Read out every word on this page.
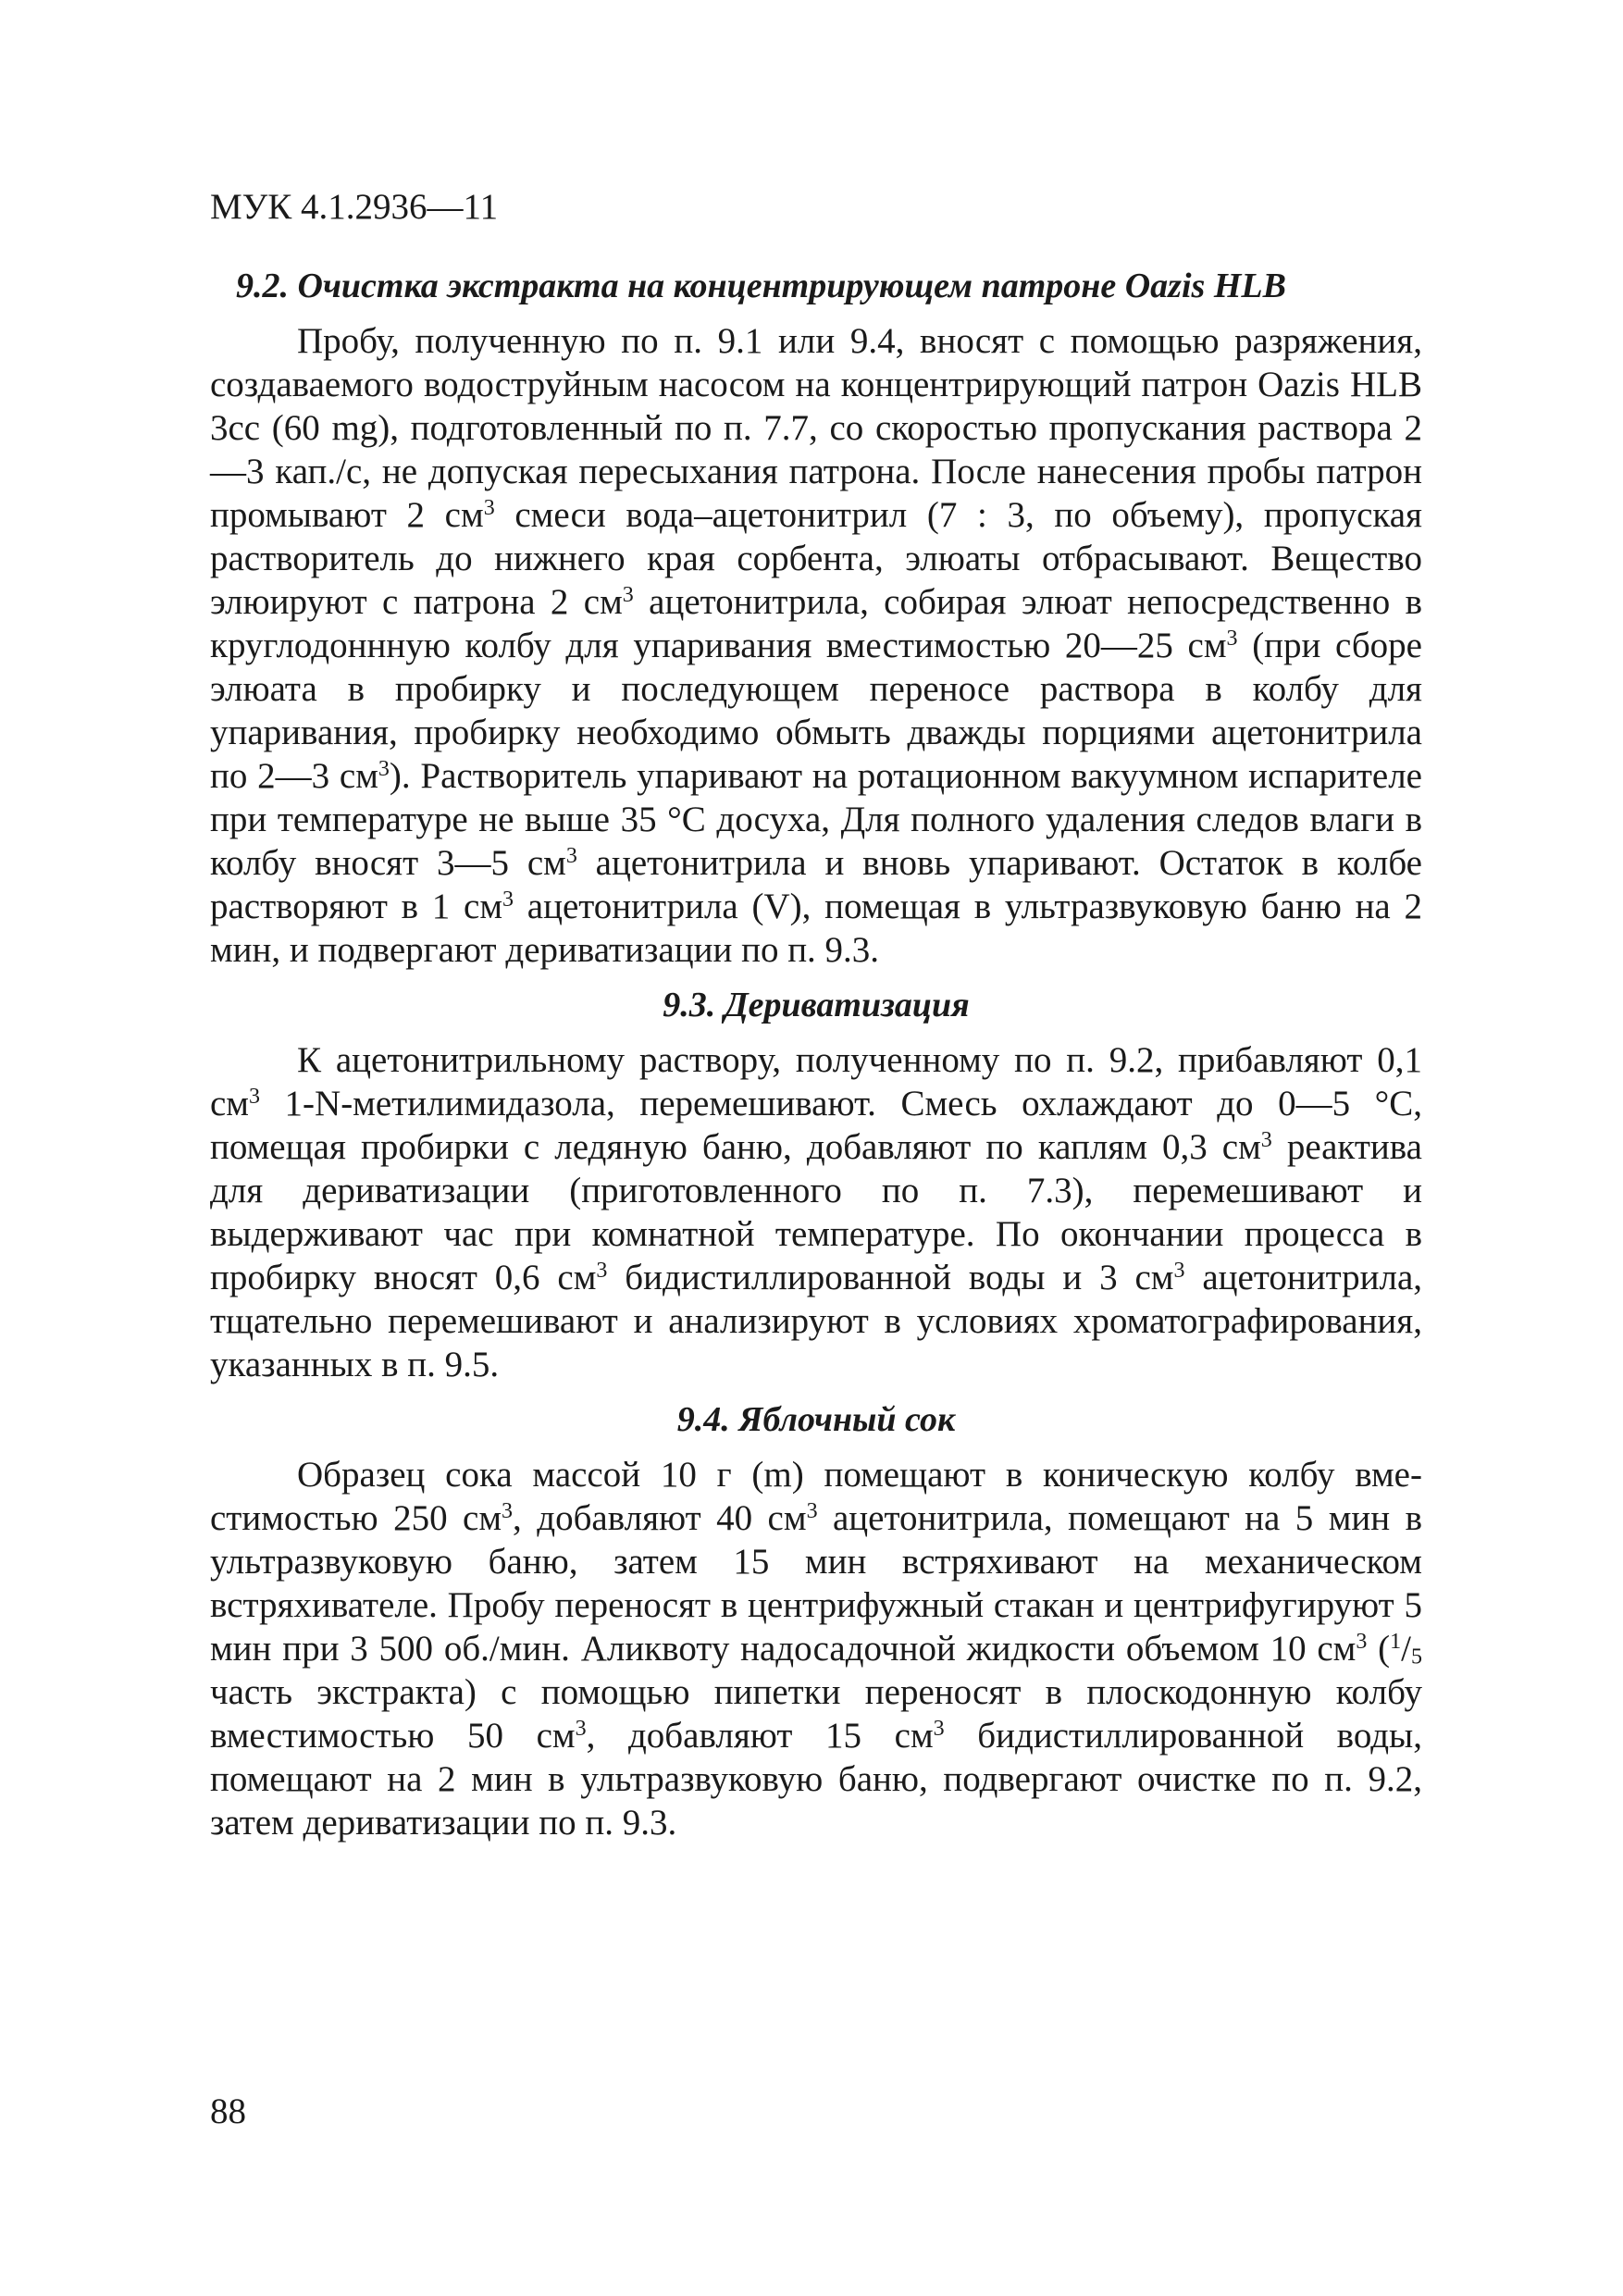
МУК 4.1.2936—11

9.2. Очистка экстракта на концентрирующем патроне Oazis HLB

Пробу, полученную по п. 9.1 или 9.4, вносят с помощью разряжения, создаваемого водоструйным насосом на концентрирующий патрон Oazis HLB 3cc (60 mg), подготовленный по п. 7.7, со скоростью пропускания раствора 2—3 кап./с, не допуская пересыхания патрона. После нанесения пробы патрон промывают 2 $см^3$ смеси вода–ацетонитрил (7 : 3, по объему), пропуская растворитель до нижнего края сорбента, элюаты отбрасывают. Вещество элюируют с патрона 2 $см^3$ ацетонитрила, собирая элюат непосредственно в круглодоннную колбу для упаривания вместимостью 20—25 $см^3$ (при сборе элюата в пробирку и последующем переносе раствора в колбу для упаривания, пробирку необходимо обмыть дважды порциями ацетонитрила по 2—3 $см^3$). Растворитель упаривают на ротационном вакуумном испарителе при температуре не выше 35 °С досуха, Для полного удаления следов влаги в колбу вносят 3—5 $см^3$ ацетонитрила и вновь упаривают. Остаток в колбе растворяют в 1 $см^3$ ацетонитрила (V), помещая в ультразвуковую баню на 2 мин, и подвергают дериватизации по п. 9.3.

9.3. Дериватизация

К ацетонитрильному раствору, полученному по п. 9.2, прибавляют 0,1 $см^3$ 1-N-метилимидазола, перемешивают. Смесь охлаждают до 0—5 °С, помещая пробирки с ледяную баню, добавляют по каплям 0,3 $см^3$ реактива для дериватизации (приготовленного по п. 7.3), перемешивают и выдерживают час при комнатной температуре. По окончании процесса в пробирку вносят 0,6 $см^3$ бидистиллированной воды и 3 $см^3$ ацетонитрила, тщательно перемешивают и анализируют в условиях хроматографирования, указанных в п. 9.5.

9.4. Яблочный сок

Образец сока массой 10 г (m) помещают в коническую колбу вместимостью 250 $см^3$, добавляют 40 $см^3$ ацетонитрила, помещают на 5 мин в ультразвуковую баню, затем 15 мин встряхивают на механическом встряхивателе. Пробу переносят в центрифужный стакан и центрифугируют 5 мин при 3 500 об./мин. Аликвоту надосадочной жидкости объемом 10 $см^3$ ($^1/_5$ часть экстракта) с помощью пипетки переносят в плоскодонную колбу вместимостью 50 $см^3$, добавляют 15 $см^3$ бидистиллированной воды, помещают на 2 мин в ультразвуковую баню, подвергают очистке по п. 9.2, затем дериватизации по п. 9.3.

88
